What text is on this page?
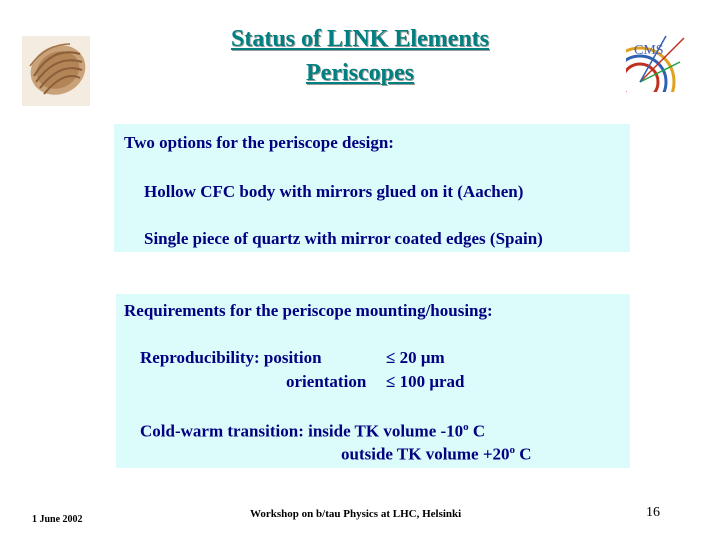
CMS
Status of LINK Elements
Periscopes
Two options for the periscope design:
Hollow CFC body with mirrors glued on it (Aachen)
Single piece of quartz with mirror coated edges (Spain)
Requirements for the periscope mounting/housing:
Reproducibility: position	≤ 20 μm
orientation ≤ 100 μrad
Cold-warm transition: inside TK volume -10$^o$ C
outside TK volume $+20^o$ C
1 June 2002	Workshop on b/tau Physics at LHC, Helsinki	16
